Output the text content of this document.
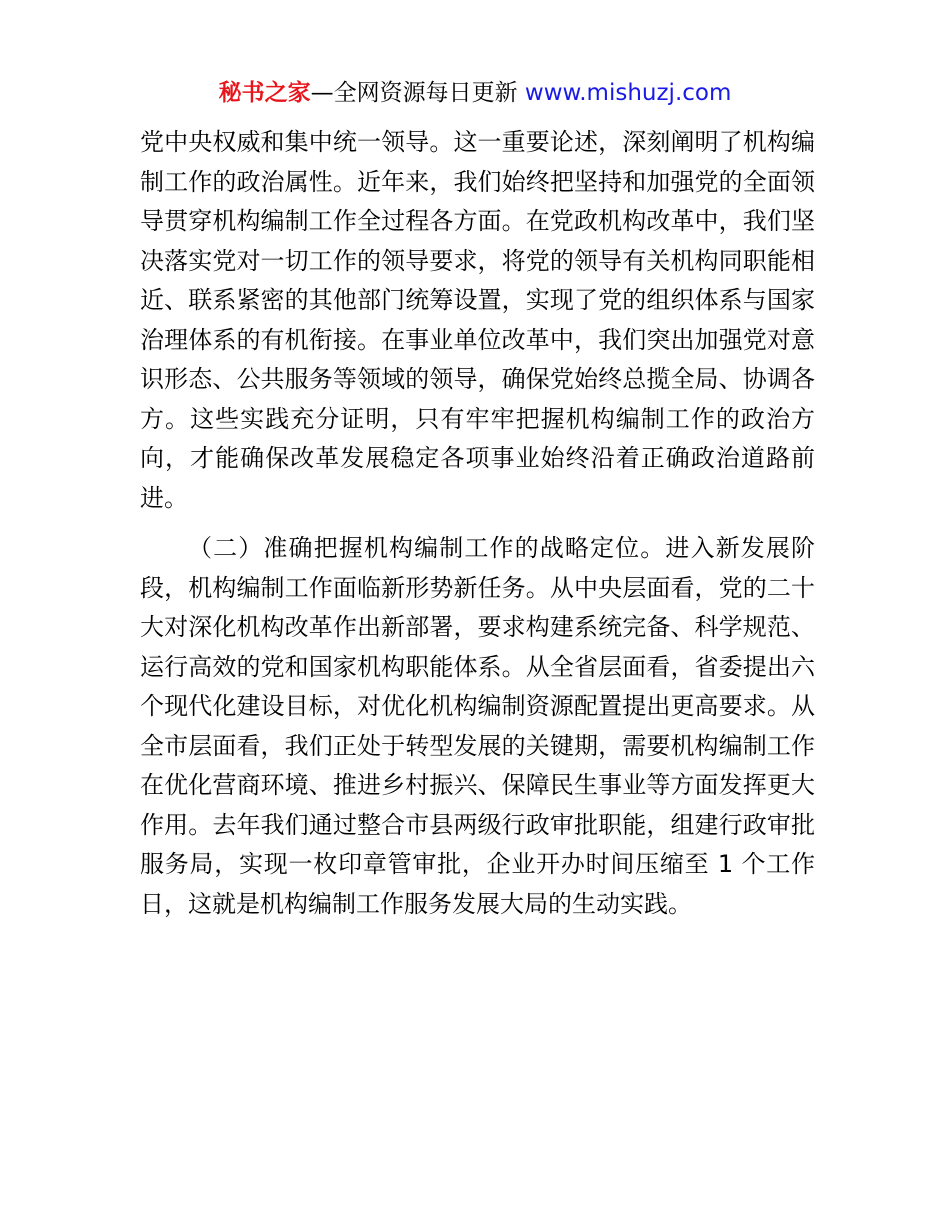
秘书之家—全网资源每日更新 www.mishuzj.com

党中央权威和集中统一领导。这一重要论述，深刻阐明了机构编制工作的政治属性。近年来，我们始终把坚持和加强党的全面领导贯穿机构编制工作全过程各方面。在党政机构改革中，我们坚决落实党对一切工作的领导要求，将党的领导有关机构同职能相近、联系紧密的其他部门统筹设置，实现了党的组织体系与国家治理体系的有机衔接。在事业单位改革中，我们突出加强党对意识形态、公共服务等领域的领导，确保党始终总揽全局、协调各方。这些实践充分证明，只有牢牢把握机构编制工作的政治方向，才能确保改革发展稳定各项事业始终沿着正确政治道路前进。

（二）准确把握机构编制工作的战略定位。进入新发展阶段，机构编制工作面临新形势新任务。从中央层面看，党的二十大对深化机构改革作出新部署，要求构建系统完备、科学规范、运行高效的党和国家机构职能体系。从全省层面看，省委提出六个现代化建设目标，对优化机构编制资源配置提出更高要求。从全市层面看，我们正处于转型发展的关键期，需要机构编制工作在优化营商环境、推进乡村振兴、保障民生事业等方面发挥更大作用。去年我们通过整合市县两级行政审批职能，组建行政审批服务局，实现一枚印章管审批，企业开办时间压缩至 1 个工作日，这就是机构编制工作服务发展大局的生动实践。
